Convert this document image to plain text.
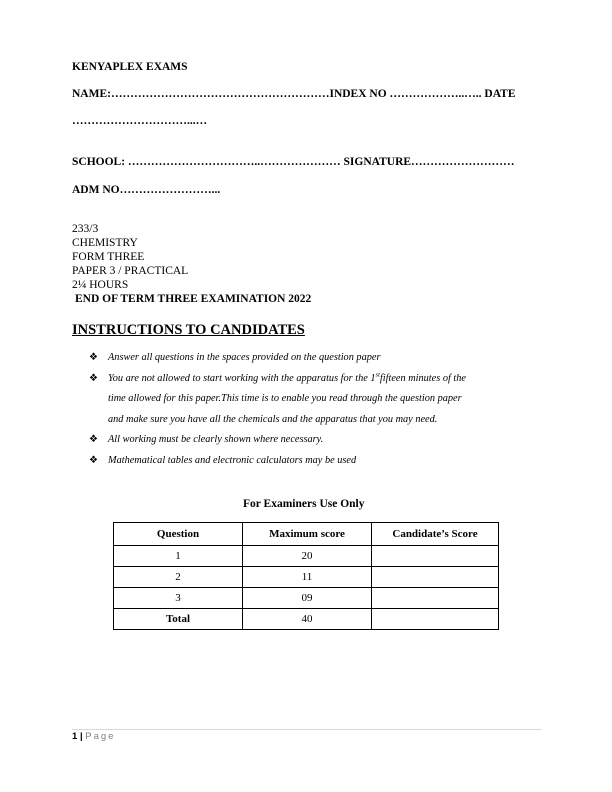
KENYAPLEX EXAMS
NAME:…………………………………………………INDEX NO ………………..….. DATE
…………………………...…
SCHOOL: ……………………………..………………… SIGNATURE………………………
ADM NO……………………...
233/3
CHEMISTRY
FORM THREE
PAPER 3 / PRACTICAL
2¼ HOURS
END OF TERM THREE EXAMINATION 2022
INSTRUCTIONS TO CANDIDATES
❖ Answer all questions in the spaces provided on the question paper
❖ You are not allowed to start working with the apparatus for the 1stfifteen minutes of the
time allowed for this paper.This time is to enable you read through the question paper
and make sure you have all the chemicals and the apparatus that you may need.
❖ All working must be clearly shown where necessary.
❖ Mathematical tables and electronic calculators may be used
For Examiners Use Only
Question	Maximum score	Candidate’s Score
1	20	
2	11	
3	09	
Total	40	
1 | Page
